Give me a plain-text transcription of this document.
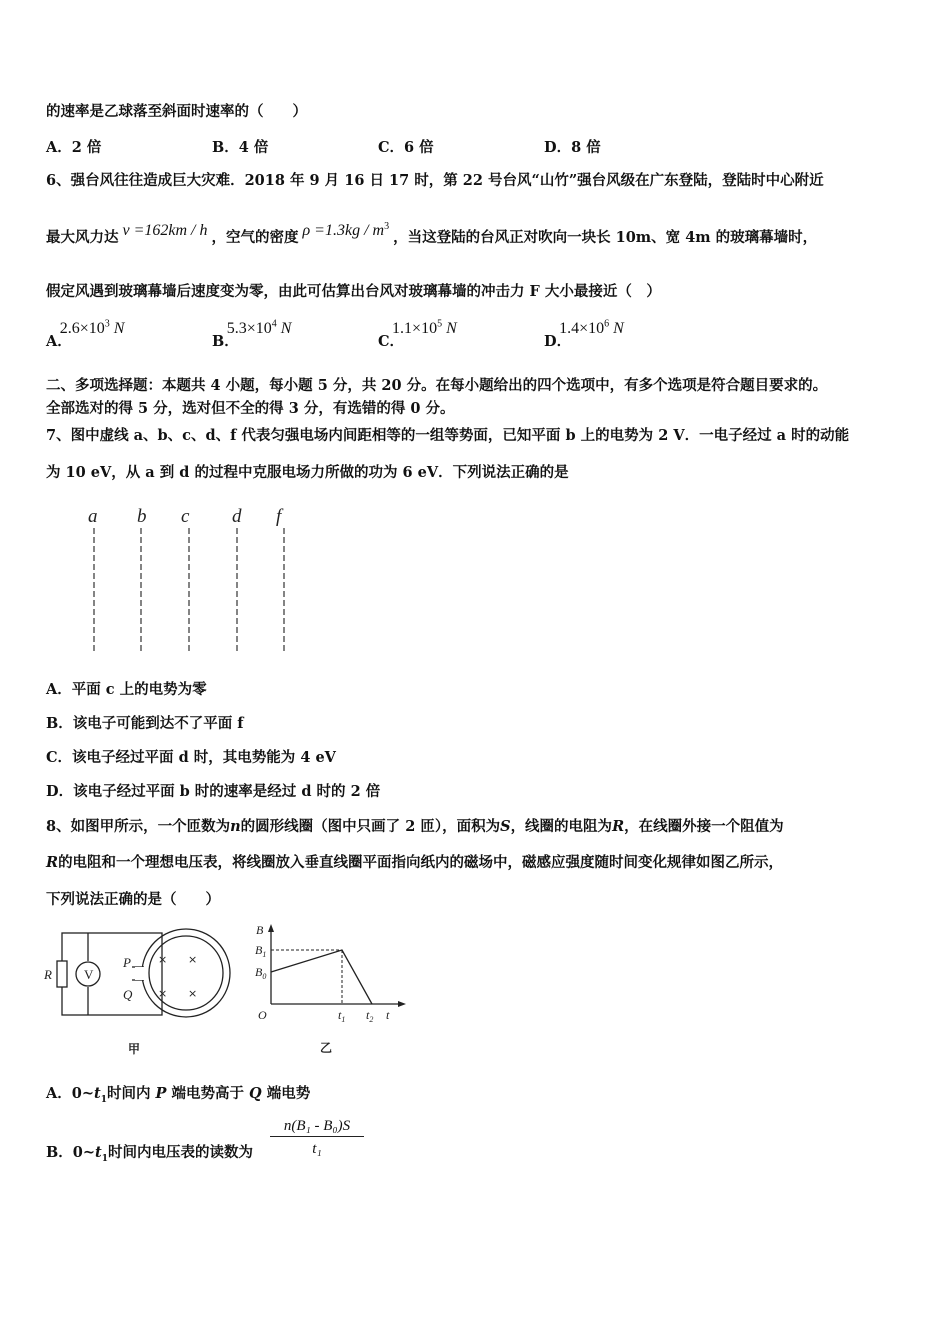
的速率是乙球落至斜面时速率的（　　）
A．2 倍	B．4 倍	C．6 倍	D．8 倍
6、强台风往往造成巨大灾难．2018 年 9 月 16 日 17 时，第 22 号台风“山竹”强台风级在广东登陆，登陆时中心附近
最大风力达 v =162km / h ，空气的密度 $\rho =1.3kg / m^3$，当这登陆的台风正对吹向一块长 10m、宽 4m 的玻璃幕墙时，
假定风遇到玻璃幕墙后速度变为零，由此可估算出台风对玻璃幕墙的冲击力 F 大小最接近（　）
A．$2.6\times 10^3$ N
B．$5.3\times 10^4$ N
C．$1.1\times 10^5$ N
D．$1.4\times 10^6$ N
二、多项选择题：本题共 4 小题，每小题 5 分，共 20 分。在每小题给出的四个选项中，有多个选项是符合题目要求的。
全部选对的得 5 分，选对但不全的得 3 分，有选错的得 0 分。
7、图中虚线 a、b、c、d、f 代表匀强电场内间距相等的一组等势面，已知平面 b 上的电势为 2 V．一电子经过 a 时的动能
为 10 eV，从 a 到 d 的过程中克服电场力所做的功为 6 eV．下列说法正确的是
a b c d f
A．平面 c 上的电势为零
B．该电子可能到达不了平面 f
C．该电子经过平面 d 时，其电势能为 4 eV
D．该电子经过平面 b 时的速率是经过 d 时的 2 倍
8、如图甲所示，一个匝数为n的圆形线圈（图中只画了 2 匝），面积为S，线圈的电阻为R，在线圈外接一个阻值为
R的电阻和一个理想电压表，将线圈放入垂直线圈平面指向纸内的磁场中，磁感应强度随时间变化规律如图乙所示，
下列说法正确的是（　　）
R
P
Q
V
× ×
× ×
甲
B
$B_1$
$B_0$
O	$t_1$ $t_2$ t
乙
A．$0\sim t_1$时间内 P 端电势高于 Q 端电势
B．$0\sim t_1$时间内电压表的读数为 $\frac{\text{n(B₁ - B₀)S}}{\text{t₁}}$
